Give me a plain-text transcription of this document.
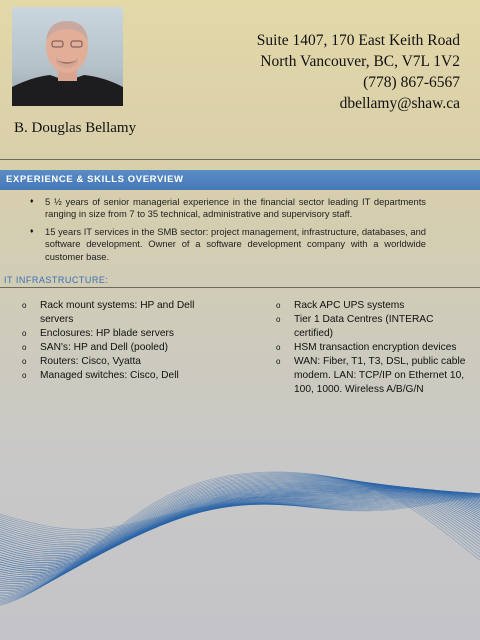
Suite 1407, 170 East Keith Road
North Vancouver, BC, V7L 1V2
(778) 867-6567
dbellamy@shaw.ca
B. Douglas Bellamy
EXPERIENCE & SKILLS OVERVIEW
♦ 5 ½ years of senior managerial experience in the financial sector leading IT departments ranging in size from 7 to 35 technical, administrative and supervisory staff.
♦ 15 years IT services in the SMB sector: project management, infrastructure, databases, and software development. Owner of a software development company with a worldwide customer base.
IT INFRASTRUCTURE:
o Rack mount systems: HP and Dell servers
o Enclosures: HP blade servers
o SAN's: HP and Dell (pooled)
o Routers: Cisco, Vyatta
o Managed switches: Cisco, Dell
o Rack APC UPS systems
o Tier 1 Data Centres (INTERAC certified)
o HSM transaction encryption devices
o WAN: Fiber, T1, T3, DSL, public cable modem. LAN: TCP/IP on Ethernet 10, 100, 1000. Wireless A/B/G/N
